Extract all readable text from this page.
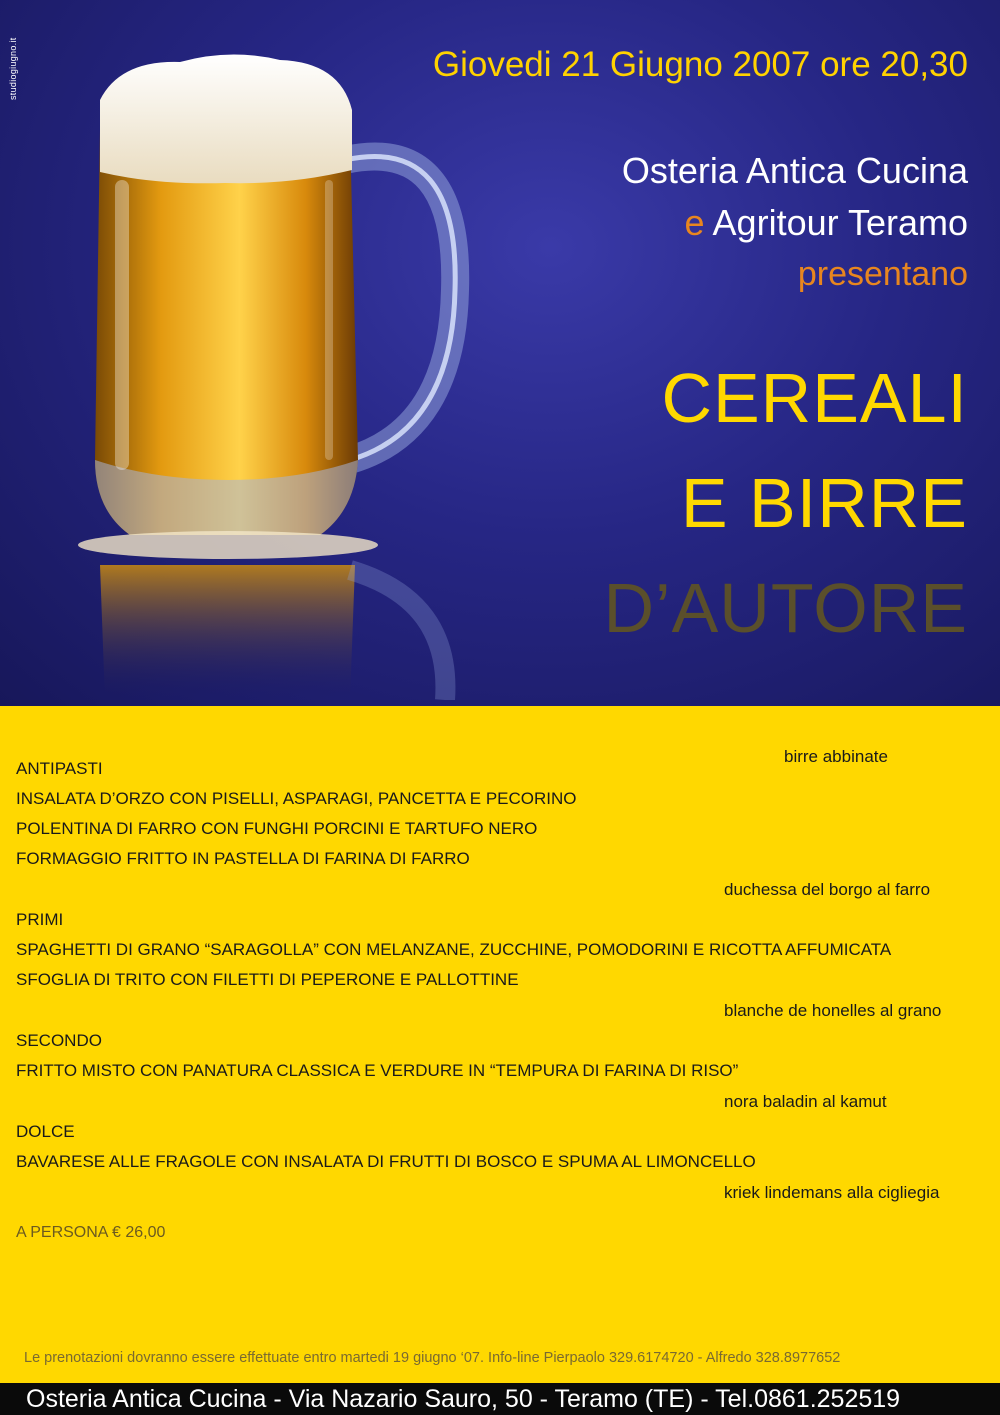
studiogiugno.it	Giovedi 21 Giugno 2007 ore 20,30
Osteria Antica Cucina
e Agritour Teramo
presentano
CEREALI
E BIRRE
D’AUTORE
birre abbinate
ANTIPASTI
INSALATA D’ORZO CON PISELLI, ASPARAGI, PANCETTA E PECORINO
POLENTINA DI FARRO CON FUNGHI PORCINI E TARTUFO NERO
FORMAGGIO FRITTO IN PASTELLA DI FARINA DI FARRO
duchessa del borgo al farro
PRIMI
SPAGHETTI DI GRANO “SARAGOLLA” CON MELANZANE, ZUCCHINE, POMODORINI E RICOTTA AFFUMICATA
SFOGLIA DI TRITO CON FILETTI DI PEPERONE E PALLOTTINE
blanche de honelles al grano
SECONDO
FRITTO MISTO CON PANATURA CLASSICA E VERDURE IN “TEMPURA DI FARINA DI RISO”
nora baladin al kamut
DOLCE
BAVARESE ALLE FRAGOLE CON INSALATA DI FRUTTI DI BOSCO E SPUMA AL LIMONCELLO
kriek lindemans alla cigliegia
A PERSONA € 26,00
Le prenotazioni dovranno essere effettuate entro martedi 19 giugno ‘07. Info-line Pierpaolo 329.6174720 - Alfredo 328.8977652
Osteria Antica Cucina - Via Nazario Sauro, 50 - Teramo (TE) - Tel.0861.252519
